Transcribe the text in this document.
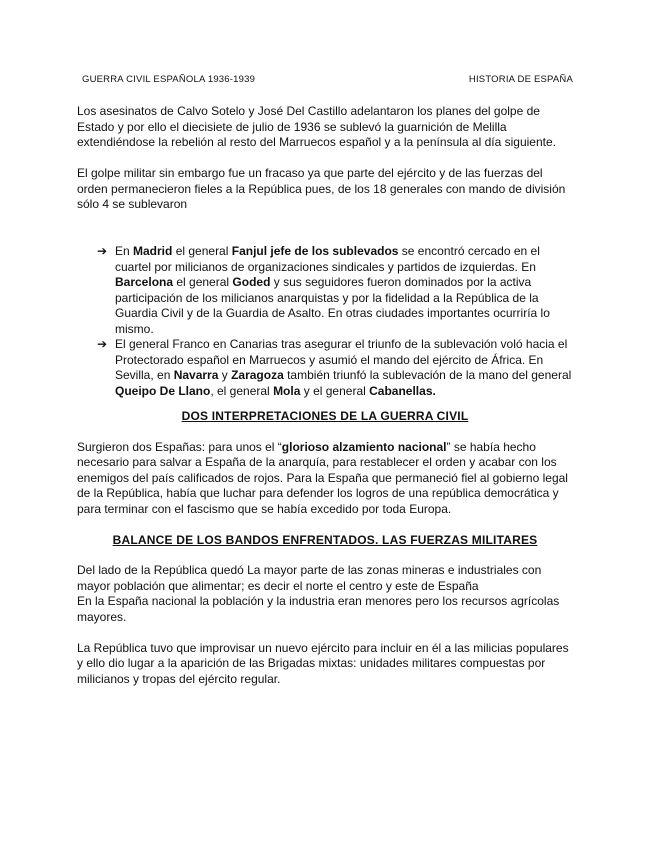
GUERRA CIVIL ESPAÑOLA 1936-1939	HISTORIA DE ESPAÑA

Los asesinatos de Calvo Sotelo y José Del Castillo adelantaron los planes del golpe de Estado y por ello el diecisiete de julio de 1936 se sublevó la guarnición de Melilla extendiéndose la rebelión al resto del Marruecos español y a la península al día siguiente.

El golpe militar sin embargo fue un fracaso ya que parte del ejército y de las fuerzas del orden permanecieron fieles a la República pues, de los 18 generales con mando de división sólo 4 se sublevaron

➔ En Madrid el general Fanjul jefe de los sublevados se encontró cercado en el cuartel por milicianos de organizaciones sindicales y partidos de izquierdas. En Barcelona el general Goded y sus seguidores fueron dominados por la activa participación de los milicianos anarquistas y por la fidelidad a la República de la Guardia Civil y de la Guardia de Asalto. En otras ciudades importantes ocurriría lo mismo.
➔ El general Franco en Canarias tras asegurar el triunfo de la sublevación voló hacia el Protectorado español en Marruecos y asumió el mando del ejército de África. En Sevilla, en Navarra y Zaragoza también triunfó la sublevación de la mano del general Queipo De Llano, el general Mola y el general Cabanellas.
DOS INTERPRETACIONES DE LA GUERRA CIVIL

Surgieron dos Españas: para unos el “glorioso alzamiento nacional” se había hecho necesario para salvar a España de la anarquía, para restablecer el orden y acabar con los enemigos del país calificados de rojos. Para la España que permaneció fiel al gobierno legal de la República, había que luchar para defender los logros de una república democrática y para terminar con el fascismo que se había excedido por toda Europa.

BALANCE DE LOS BANDOS ENFRENTADOS. LAS FUERZAS MILITARES

Del lado de la República quedó La mayor parte de las zonas mineras e industriales con mayor población que alimentar; es decir el norte el centro y este de España

En la España nacional la población y la industria eran menores pero los recursos agrícolas mayores.

La República tuvo que improvisar un nuevo ejército para incluir en él a las milicias populares y ello dio lugar a la aparición de las Brigadas mixtas: unidades militares compuestas por milicianos y tropas del ejército regular.
